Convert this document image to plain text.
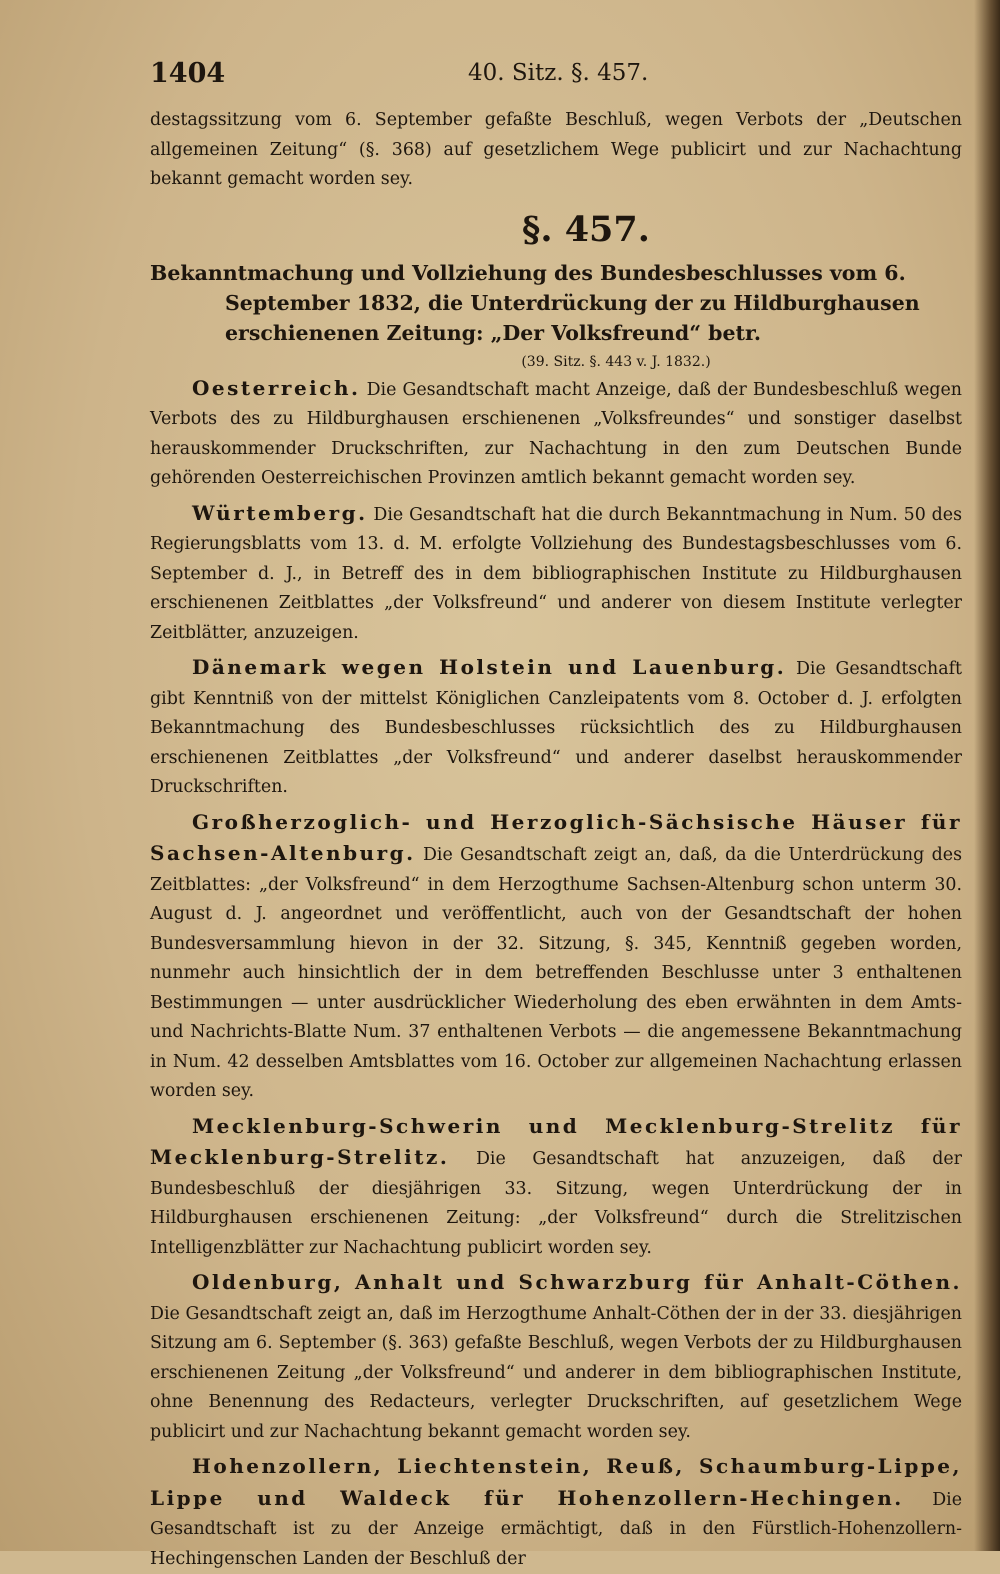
1404	40. Sitz. §. 457.

destagssitzung vom 6. September gefaßte Beschluß, wegen Verbots der „Deutschen allgemeinen Zeitung“ (§. 368) auf gesetzlichem Wege publicirt und zur Nachachtung bekannt gemacht worden sey.

§. 457.
Bekanntmachung und Vollziehung des Bundesbeschlusses vom 6. September 1832, die Unterdrückung der zu Hildburghausen erschienenen Zeitung: „Der Volksfreund“ betr.
(39. Sitz. §. 443 v. J. 1832.)

Oesterreich. Die Gesandtschaft macht Anzeige, daß der Bundesbeschluß wegen Verbots des zu Hildburghausen erschienenen „Volksfreundes“ und sonstiger daselbst herauskommender Druckschriften, zur Nachachtung in den zum Deutschen Bunde gehörenden Oesterreichischen Provinzen amtlich bekannt gemacht worden sey.

Würtemberg. Die Gesandtschaft hat die durch Bekanntmachung in Num. 50 des Regierungsblatts vom 13. d. M. erfolgte Vollziehung des Bundestagsbeschlusses vom 6. September d. J., in Betreff des in dem bibliographischen Institute zu Hildburghausen erschienenen Zeitblattes „der Volksfreund“ und anderer von diesem Institute verlegter Zeitblätter, anzuzeigen.

Dänemark wegen Holstein und Lauenburg. Die Gesandtschaft gibt Kenntniß von der mittelst Königlichen Canzleipatents vom 8. October d. J. erfolgten Bekanntmachung des Bundesbeschlusses rücksichtlich des zu Hildburghausen erschienenen Zeitblattes „der Volksfreund“ und anderer daselbst herauskommender Druckschriften.

Großherzoglich- und Herzoglich-Sächsische Häuser für Sachsen-Altenburg. Die Gesandtschaft zeigt an, daß, da die Unterdrückung des Zeitblattes: „der Volksfreund“ in dem Herzogthume Sachsen-Altenburg schon unterm 30. August d. J. angeordnet und veröffentlicht, auch von der Gesandtschaft der hohen Bundesversammlung hievon in der 32. Sitzung, §. 345, Kenntniß gegeben worden, nunmehr auch hinsichtlich der in dem betreffenden Beschlusse unter 3 enthaltenen Bestimmungen — unter ausdrücklicher Wiederholung des eben erwähnten in dem Amts- und Nachrichts-Blatte Num. 37 enthaltenen Verbots — die angemessene Bekanntmachung in Num. 42 desselben Amtsblattes vom 16. October zur allgemeinen Nachachtung erlassen worden sey.

Mecklenburg-Schwerin und Mecklenburg-Strelitz für Mecklenburg-Strelitz. Die Gesandtschaft hat anzuzeigen, daß der Bundesbeschluß der diesjährigen 33. Sitzung, wegen Unterdrückung der in Hildburghausen erschienenen Zeitung: „der Volksfreund“ durch die Strelitzischen Intelligenzblätter zur Nachachtung publicirt worden sey.

Oldenburg, Anhalt und Schwarzburg für Anhalt-Cöthen. Die Gesandtschaft zeigt an, daß im Herzogthume Anhalt-Cöthen der in der 33. diesjährigen Sitzung am 6. September (§. 363) gefaßte Beschluß, wegen Verbots der zu Hildburghausen erschienenen Zeitung „der Volksfreund“ und anderer in dem bibliographischen Institute, ohne Benennung des Redacteurs, verlegter Druckschriften, auf gesetzlichem Wege publicirt und zur Nachachtung bekannt gemacht worden sey.

Hohenzollern, Liechtenstein, Reuß, Schaumburg-Lippe, Lippe und Waldeck für Hohenzollern-Hechingen. Die Gesandtschaft ist zu der Anzeige ermächtigt, daß in den Fürstlich-Hohenzollern-Hechingenschen Landen der Beschluß der
